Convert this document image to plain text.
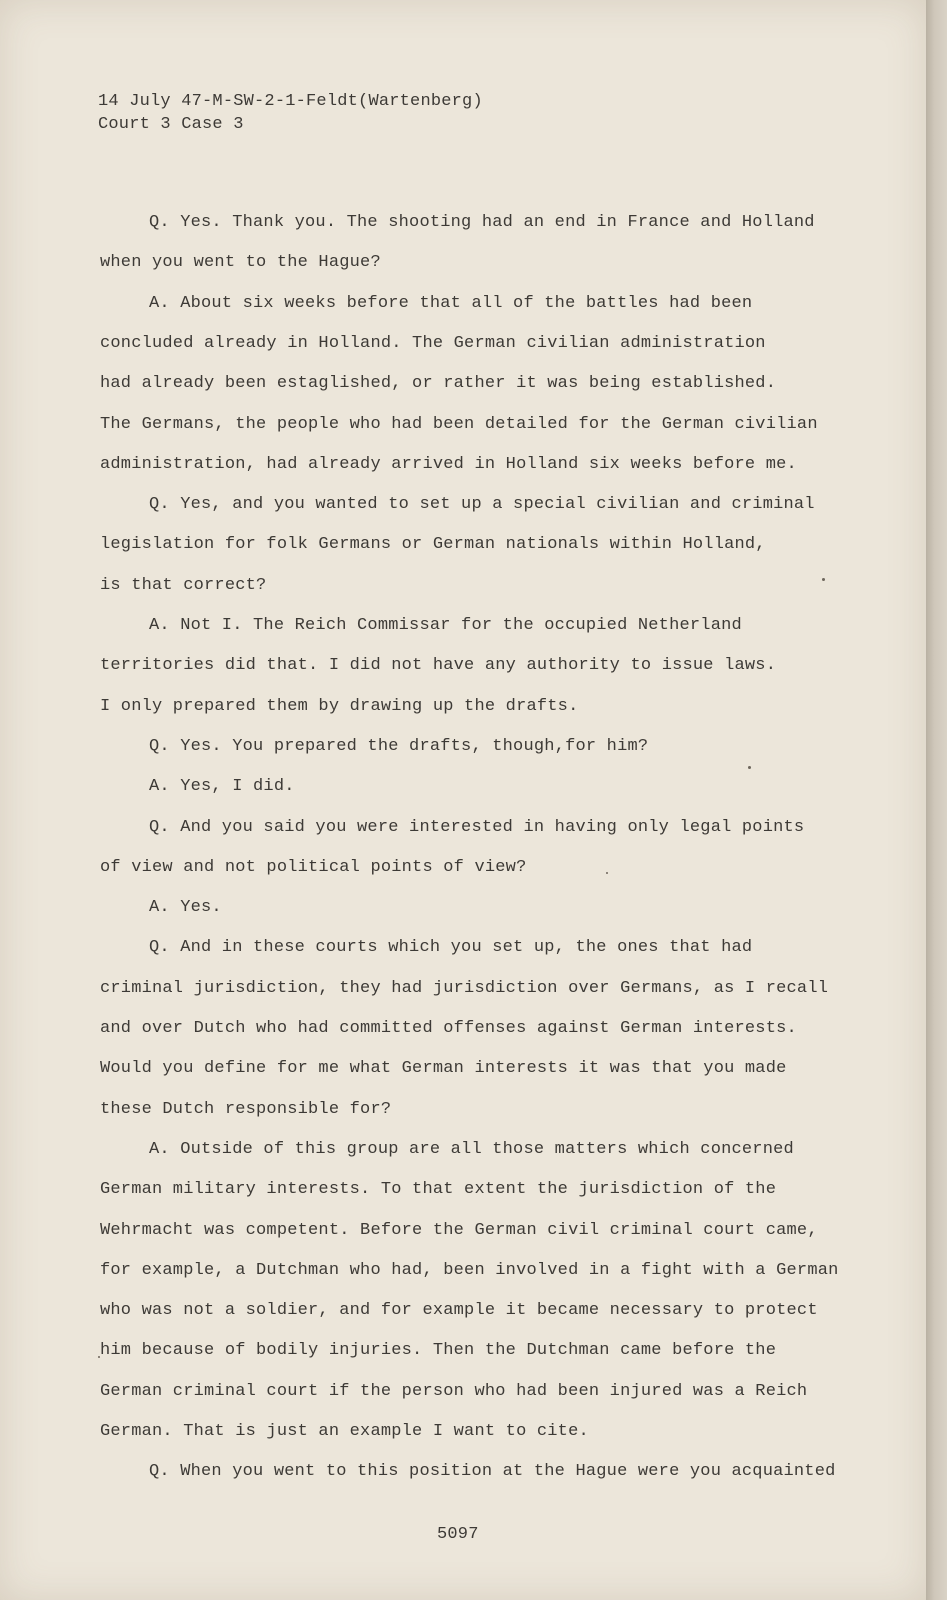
14 July 47-M-SW-2-1-Feldt(Wartenberg)
Court 3 Case 3
Q. Yes. Thank you. The shooting had an end in France and Holland
when you went to the Hague?
A. About six weeks before that all of the battles had been
concluded already in Holland. The German civilian administration
had already been estaglished, or rather it was being established.
The Germans, the people who had been detailed for the German civilian
administration, had already arrived in Holland six weeks before me.
Q. Yes, and you wanted to set up a special civilian and criminal
legislation for folk Germans or German nationals within Holland,
is that correct?
A. Not I. The Reich Commissar for the occupied Netherland
territories did that. I did not have any authority to issue laws.
I only prepared them by drawing up the drafts.
Q. Yes. You prepared the drafts, though,for him?
A. Yes, I did.
Q. And you said you were interested in having only legal points
of view and not political points of view?
A. Yes.
Q. And in these courts which you set up, the ones that had
criminal jurisdiction, they had jurisdiction over Germans, as I recall
and over Dutch who had committed offenses against German interests.
Would you define for me what German interests it was that you made
these Dutch responsible for?
A. Outside of this group are all those matters which concerned
German military interests. To that extent the jurisdiction of the
Wehrmacht was competent. Before the German civil criminal court came,
for example, a Dutchman who had, been involved in a fight with a German
who was not a soldier, and for example it became necessary to protect
him because of bodily injuries. Then the Dutchman came before the
German criminal court if the person who had been injured was a Reich
German. That is just an example I want to cite.
Q. When you went to this position at the Hague were you acquainted
5097
